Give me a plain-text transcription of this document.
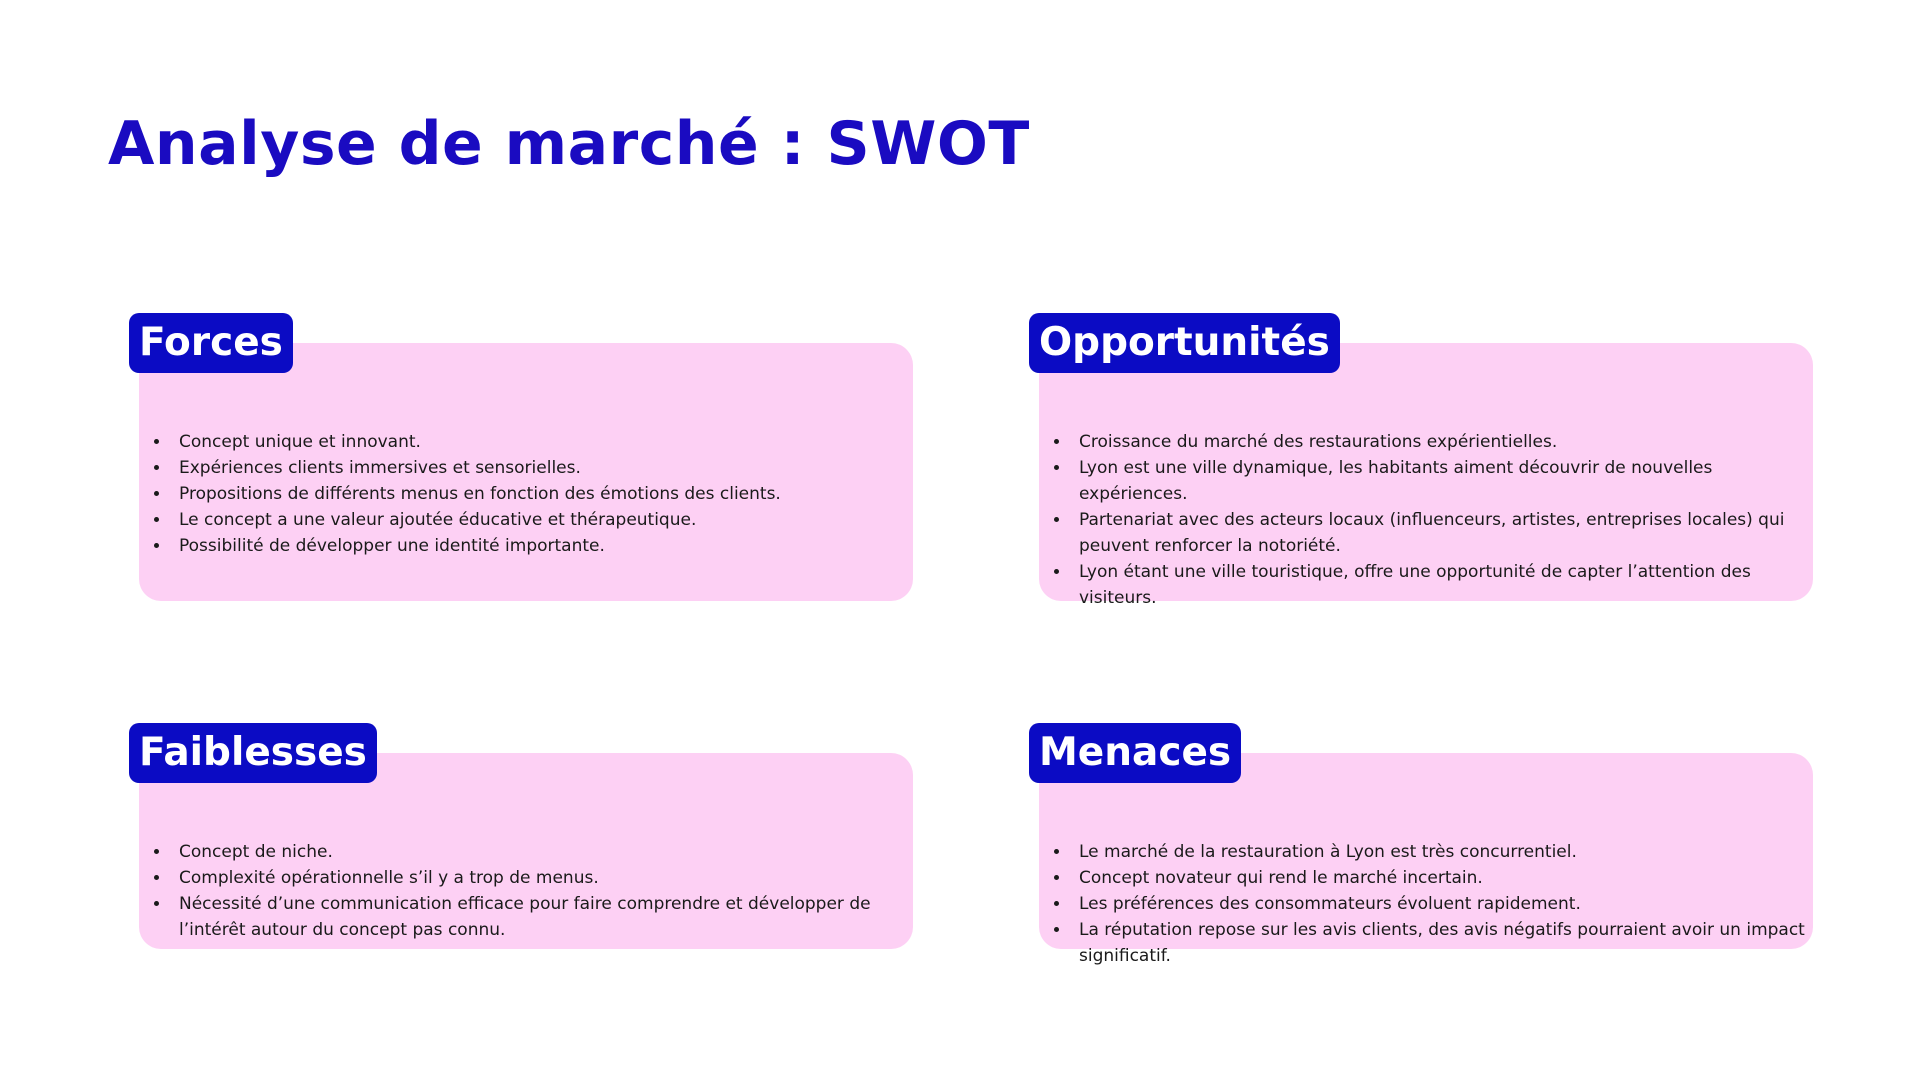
Analyse de marché : SWOT
Forces
• Concept unique et innovant.
• Expériences clients immersives et sensorielles.
• Propositions de différents menus en fonction des émotions des clients.
• Le concept a une valeur ajoutée éducative et thérapeutique.
• Possibilité de développer une identité importante.
Opportunités
• Croissance du marché des restaurations expérientielles.
• Lyon est une ville dynamique, les habitants aiment découvrir de nouvelles expériences.
• Partenariat avec des acteurs locaux (influenceurs, artistes, entreprises locales) qui peuvent renforcer la notoriété.
• Lyon étant une ville touristique, offre une opportunité de capter l’attention des visiteurs.
Faiblesses
• Concept de niche.
• Complexité opérationnelle s’il y a trop de menus.
• Nécessité d’une communication efficace pour faire comprendre et développer de l’intérêt autour du concept pas connu.
Menaces
• Le marché de la restauration à Lyon est très concurrentiel.
• Concept novateur qui rend le marché incertain.
• Les préférences des consommateurs évoluent rapidement.
• La réputation repose sur les avis clients, des avis négatifs pourraient avoir un impact significatif.
